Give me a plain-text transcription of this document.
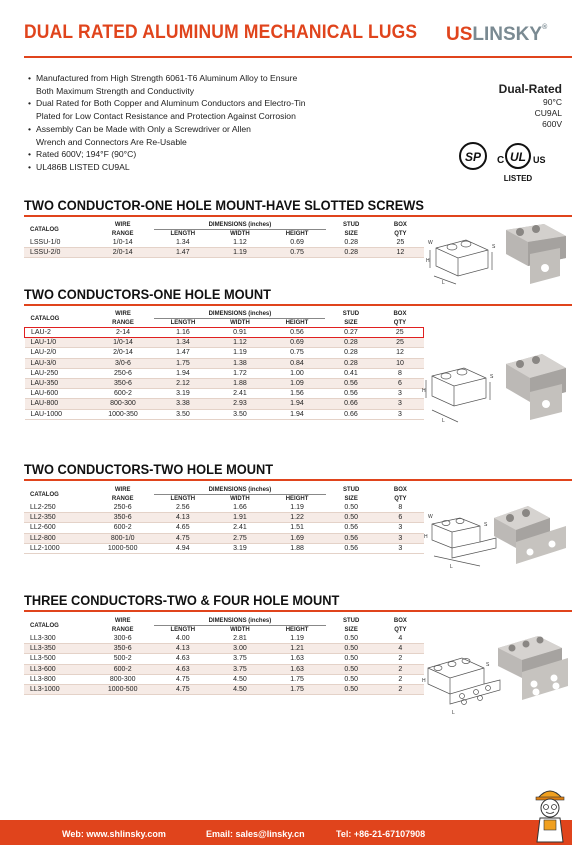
DUAL RATED ALUMINUM MECHANICAL LUGS USLINSKY®
• Manufactured from High Strength 6061-T6 Aluminum Alloy to Ensure
Both Maximum Strength and Conductivity
• Dual Rated for Both Copper and Aluminum Conductors and Electro-Tin
Plated for Low Contact Resistance and Protection Against Corrosion
• Assembly Can be Made with Only a Screwdriver or Allen
Wrench and Connectors Are Re-Usable
• Rated 600V; 194°F (90°C)
• UL486B LISTED CU9AL
Dual-Rated
90°C
CU9AL
600V
SP C UL US
LISTED
TWO CONDUCTOR-ONE HOLE MOUNT-HAVE SLOTTED SCREWS
CATALOG	WIRE	DIMENSIONS (inches)			STUD	BOX
	RANGE	LENGTH	WIDTH	HEIGHT	SIZE	QTY
LSSU-1/0	1/0-14	1.34	1.12	0.69	0.28	25
LSSU-2/0	2/0-14	1.47	1.19	0.75	0.28	12
TWO CONDUCTORS-ONE HOLE MOUNT
CATALOG	WIRE	DIMENSIONS (inches)			STUD	BOX
	RANGE	LENGTH	WIDTH	HEIGHT	SIZE	QTY
LAU-2	2-14	1.16	0.91	0.56	0.27	25
LAU-1/0	1/0-14	1.34	1.12	0.69	0.28	25
LAU-2/0	2/0-14	1.47	1.19	0.75	0.28	12
LAU-3/0	3/0-6	1.75	1.38	0.84	0.28	10
LAU-250	250-6	1.94	1.72	1.00	0.41	8
LAU-350	350-6	2.12	1.88	1.09	0.56	6
LAU-600	600-2	3.19	2.41	1.56	0.56	3
LAU-800	800-300	3.38	2.93	1.94	0.66	3
LAU-1000	1000-350	3.50	3.50	1.94	0.66	3
TWO CONDUCTORS-TWO HOLE MOUNT
CATALOG	WIRE	DIMENSIONS (inches)			STUD	BOX
	RANGE	LENGTH	WIDTH	HEIGHT	SIZE	QTY
LL2-250	250-6	2.56	1.66	1.19	0.50	8
LL2-350	350-6	4.13	1.91	1.22	0.50	6
LL2-600	600-2	4.65	2.41	1.51	0.56	3
LL2-800	800-1/0	4.75	2.75	1.69	0.56	3
LL2-1000	1000-500	4.94	3.19	1.88	0.56	3
THREE CONDUCTORS-TWO & FOUR HOLE MOUNT
CATALOG	WIRE	DIMENSIONS (inches)			STUD	BOX
	RANGE	LENGTH	WIDTH	HEIGHT	SIZE	QTY
LL3-300	300-6	4.00	2.81	1.19	0.50	4
LL3-350	350-6	4.13	3.00	1.21	0.50	4
LL3-500	500-2	4.63	3.75	1.63	0.50	2
LL3-600	600-2	4.63	3.75	1.63	0.50	2
LL3-800	800-300	4.75	4.50	1.75	0.50	2
LL3-1000	1000-500	4.75	4.50	1.75	0.50	2
W
H
S
L
H
S
L
W
H
S
L
H
S
L
Web: www.shlinsky.com	Email: sales@linsky.cn	Tel: +86-21-67107908
